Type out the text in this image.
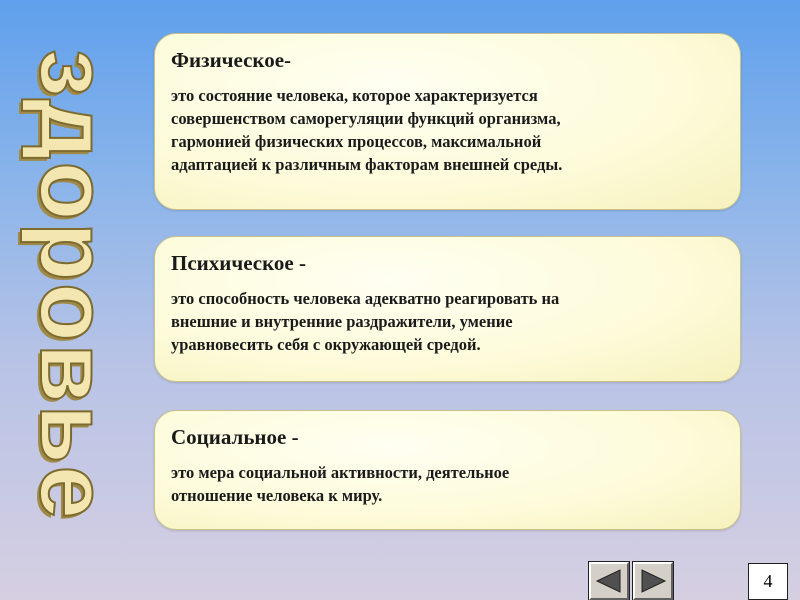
здоровье Физическое-

это состояние человека, которое характеризуется
совершенством саморегуляции функций организма,
гармонией физических процессов, максимальной
адаптацией к различным факторам внешней среды.

Психическое -

это способность человека адекватно реагировать на
внешние и внутренние раздражители, умение
уравновесить себя с окружающей средой.

Социальное -

это мера социальной активности, деятельное
отношение человека к миру.

4
